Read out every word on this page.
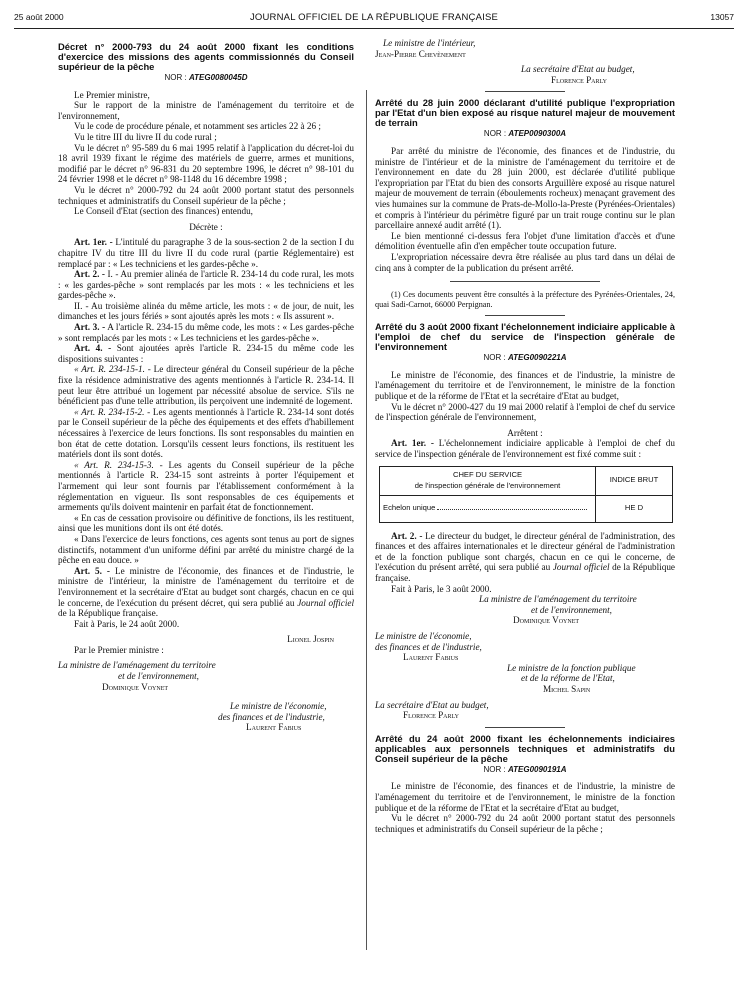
25 août 2000	JOURNAL OFFICIEL DE LA RÉPUBLIQUE FRANÇAISE	13057
Décret n° 2000-793 du 24 août 2000 fixant les conditions d'exercice des missions des agents commissionnés du Conseil supérieur de la pêche
NOR : ATEG0080045D

Le Premier ministre,

Sur le rapport de la ministre de l'aménagement du territoire et de l'environnement,

Vu le code de procédure pénale, et notamment ses articles 22 à 26 ;

Vu le titre III du livre II du code rural ;

Vu le décret n° 95-589 du 6 mai 1995 relatif à l'application du décret-loi du 18 avril 1939 fixant le régime des matériels de guerre, armes et munitions, modifié par le décret n° 96-831 du 20 septembre 1996, le décret n° 98-101 du 24 février 1998 et le décret n° 98-1148 du 16 décembre 1998 ;

Vu le décret n° 2000-792 du 24 août 2000 portant statut des personnels techniques et administratifs du Conseil supérieur de la pêche ;

Le Conseil d'Etat (section des finances) entendu,

Décrète :

Art. 1er. - L'intitulé du paragraphe 3 de la sous-section 2 de la section I du chapitre IV du titre III du livre II du code rural (partie Réglementaire) est remplacé par : « Les techniciens et les gardes-pêche ».

Art. 2. - I. - Au premier alinéa de l'article R. 234-14 du code rural, les mots : « les gardes-pêche » sont remplacés par les mots : « les techniciens et les gardes-pêche ».

II. - Au troisième alinéa du même article, les mots : « de jour, de nuit, les dimanches et les jours fériés » sont ajoutés après les mots : « Ils assurent ».

Art. 3. - A l'article R. 234-15 du même code, les mots : « Les gardes-pêche » sont remplacés par les mots : « Les techniciens et les gardes-pêche ».

Art. 4. - Sont ajoutées après l'article R. 234-15 du même code les dispositions suivantes :

« Art. R. 234-15-1. - Le directeur général du Conseil supérieur de la pêche fixe la résidence administrative des agents mentionnés à l'article R. 234-14. Il peut leur être attribué un logement par nécessité absolue de service. S'ils ne bénéficient pas d'une telle attribution, ils perçoivent une indemnité de logement.

« Art. R. 234-15-2. - Les agents mentionnés à l'article R. 234-14 sont dotés par le Conseil supérieur de la pêche des équipements et des effets d'habillement nécessaires à l'exercice de leurs fonctions. Ils sont responsables du maintien en bon état de cette dotation. Lorsqu'ils cessent leurs fonctions, ils restituent les matériels dont ils sont dotés.

« Art. R. 234-15-3. - Les agents du Conseil supérieur de la pêche mentionnés à l'article R. 234-15 sont astreints à porter l'équipement et l'armement qui leur sont fournis par l'établissement conformément à la réglementation en vigueur. Ils sont responsables de ces équipements et armements qu'ils doivent maintenir en parfait état de fonctionnement.

« En cas de cessation provisoire ou définitive de fonctions, ils les restituent, ainsi que les munitions dont ils ont été dotés.

« Dans l'exercice de leurs fonctions, ces agents sont tenus au port de signes distinctifs, notamment d'un uniforme défini par arrêté du ministre chargé de la pêche en eau douce. »

Art. 5. - Le ministre de l'économie, des finances et de l'industrie, le ministre de l'intérieur, la ministre de l'aménagement du territoire et de l'environnement et la secrétaire d'Etat au budget sont chargés, chacun en ce qui le concerne, de l'exécution du présent décret, qui sera publié au Journal officiel de la République française.

Fait à Paris, le 24 août 2000.

Lionel Jospin

Par le Premier ministre :

La ministre de l'aménagement du territoire

et de l'environnement,

Dominique Voynet

Le ministre de l'économie,

des finances et de l'industrie,

Laurent Fabius

Le ministre de l'intérieur,

Jean-Pierre Chevènement

La secrétaire d'Etat au budget,

Florence Parly

Arrêté du 28 juin 2000 déclarant d'utilité publique l'expropriation par l'Etat d'un bien exposé au risque naturel majeur de mouvement de terrain
NOR : ATEP0090300A

Par arrêté du ministre de l'économie, des finances et de l'industrie, du ministre de l'intérieur et de la ministre de l'aménagement du territoire et de l'environnement en date du 28 juin 2000, est déclarée d'utilité publique l'expropriation par l'Etat du bien des consorts Arguillère exposé au risque naturel majeur de mouvement de terrain (éboulements rocheux) menaçant gravement des vies humaines sur la commune de Prats-de-Mollo-la-Preste (Pyrénées-Orientales) et compris à l'intérieur du périmètre figuré par un trait rouge continu sur le plan parcellaire annexé audit arrêté (1).

Le bien mentionné ci-dessus fera l'objet d'une limitation d'accès et d'une démolition éventuelle afin d'en empêcher toute occupation future.

L'expropriation nécessaire devra être réalisée au plus tard dans un délai de cinq ans à compter de la publication du présent arrêté.

(1) Ces documents peuvent être consultés à la préfecture des Pyrénées-Orientales, 24, quai Sadi-Carnot, 66000 Perpignan.

Arrêté du 3 août 2000 fixant l'échelonnement indiciaire applicable à l'emploi de chef du service de l'inspection générale de l'environnement
NOR : ATEG0090221A

Le ministre de l'économie, des finances et de l'industrie, la ministre de l'aménagement du territoire et de l'environnement, le ministre de la fonction publique et de la réforme de l'Etat et la secrétaire d'Etat au budget,

Vu le décret n° 2000-427 du 19 mai 2000 relatif à l'emploi de chef du service de l'inspection générale de l'environnement,

Arrêtent :

Art. 1er. - L'échelonnement indiciaire applicable à l'emploi de chef du service de l'inspection générale de l'environnement est fixé comme suit :

CHEF DU SERVICE
de l'inspection générale de l'environnement	INDICE BRUT
Echelon unique	HE D

Art. 2. - Le directeur du budget, le directeur général de l'administration, des finances et des affaires internationales et le directeur général de l'administration et de la fonction publique sont chargés, chacun en ce qui le concerne, de l'exécution du présent arrêté, qui sera publié au Journal officiel de la République française.

Fait à Paris, le 3 août 2000.

La ministre de l'aménagement du territoire

et de l'environnement,

Dominique Voynet

Le ministre de l'économie,

des finances et de l'industrie,

Laurent Fabius

Le ministre de la fonction publique

et de la réforme de l'Etat,

Michel Sapin

La secrétaire d'Etat au budget,

Florence Parly

Arrêté du 24 août 2000 fixant les échelonnements indiciaires applicables aux personnels techniques et administratifs du Conseil supérieur de la pêche
NOR : ATEG0090191A

Le ministre de l'économie, des finances et de l'industrie, la ministre de l'aménagement du territoire et de l'environnement, le ministre de la fonction publique et de la réforme de l'Etat et la secrétaire d'Etat au budget,

Vu le décret n° 2000-792 du 24 août 2000 portant statut des personnels techniques et administratifs du Conseil supérieur de la pêche ;
